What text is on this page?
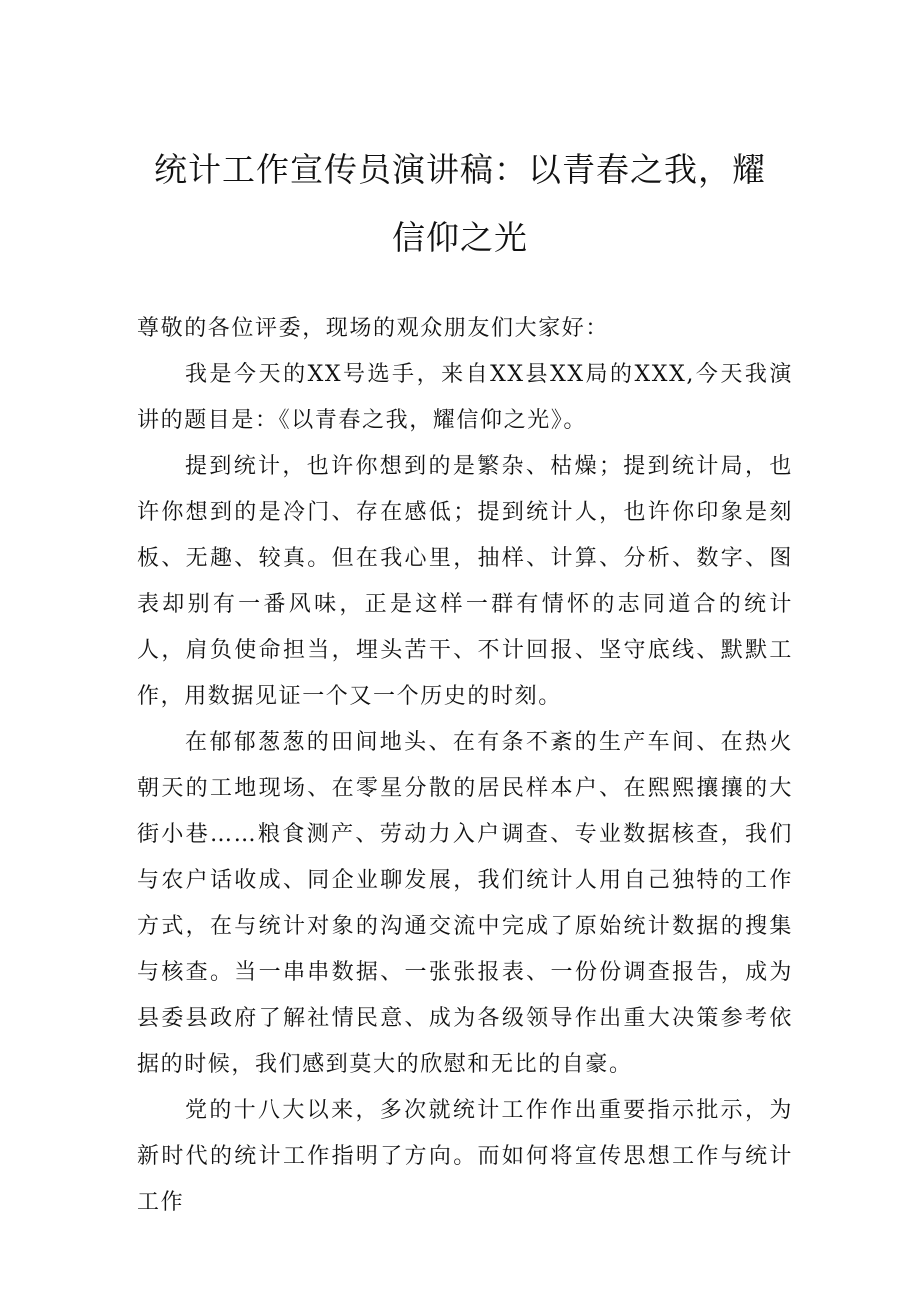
统计工作宣传员演讲稿：以青春之我，耀
信仰之光

尊敬的各位评委，现场的观众朋友们大家好：

我是今天的XX号选手，来自XX县XX局的XXX,今天我演讲的题目是：《以青春之我，耀信仰之光》。

提到统计，也许你想到的是繁杂、枯燥；提到统计局，也许你想到的是冷门、存在感低；提到统计人，也许你印象是刻板、无趣、较真。但在我心里，抽样、计算、分析、数字、图表却别有一番风味，正是这样一群有情怀的志同道合的统计人，肩负使命担当，埋头苦干、不计回报、坚守底线、默默工作，用数据见证一个又一个历史的时刻。

在郁郁葱葱的田间地头、在有条不紊的生产车间、在热火朝天的工地现场、在零星分散的居民样本户、在熙熙攘攘的大街小巷……粮食测产、劳动力入户调查、专业数据核查，我们与农户话收成、同企业聊发展，我们统计人用自己独特的工作方式，在与统计对象的沟通交流中完成了原始统计数据的搜集与核查。当一串串数据、一张张报表、一份份调查报告，成为县委县政府了解社情民意、成为各级领导作出重大决策参考依据的时候，我们感到莫大的欣慰和无比的自豪。

党的十八大以来，多次就统计工作作出重要指示批示，为新时代的统计工作指明了方向。而如何将宣传思想工作与统计工作
